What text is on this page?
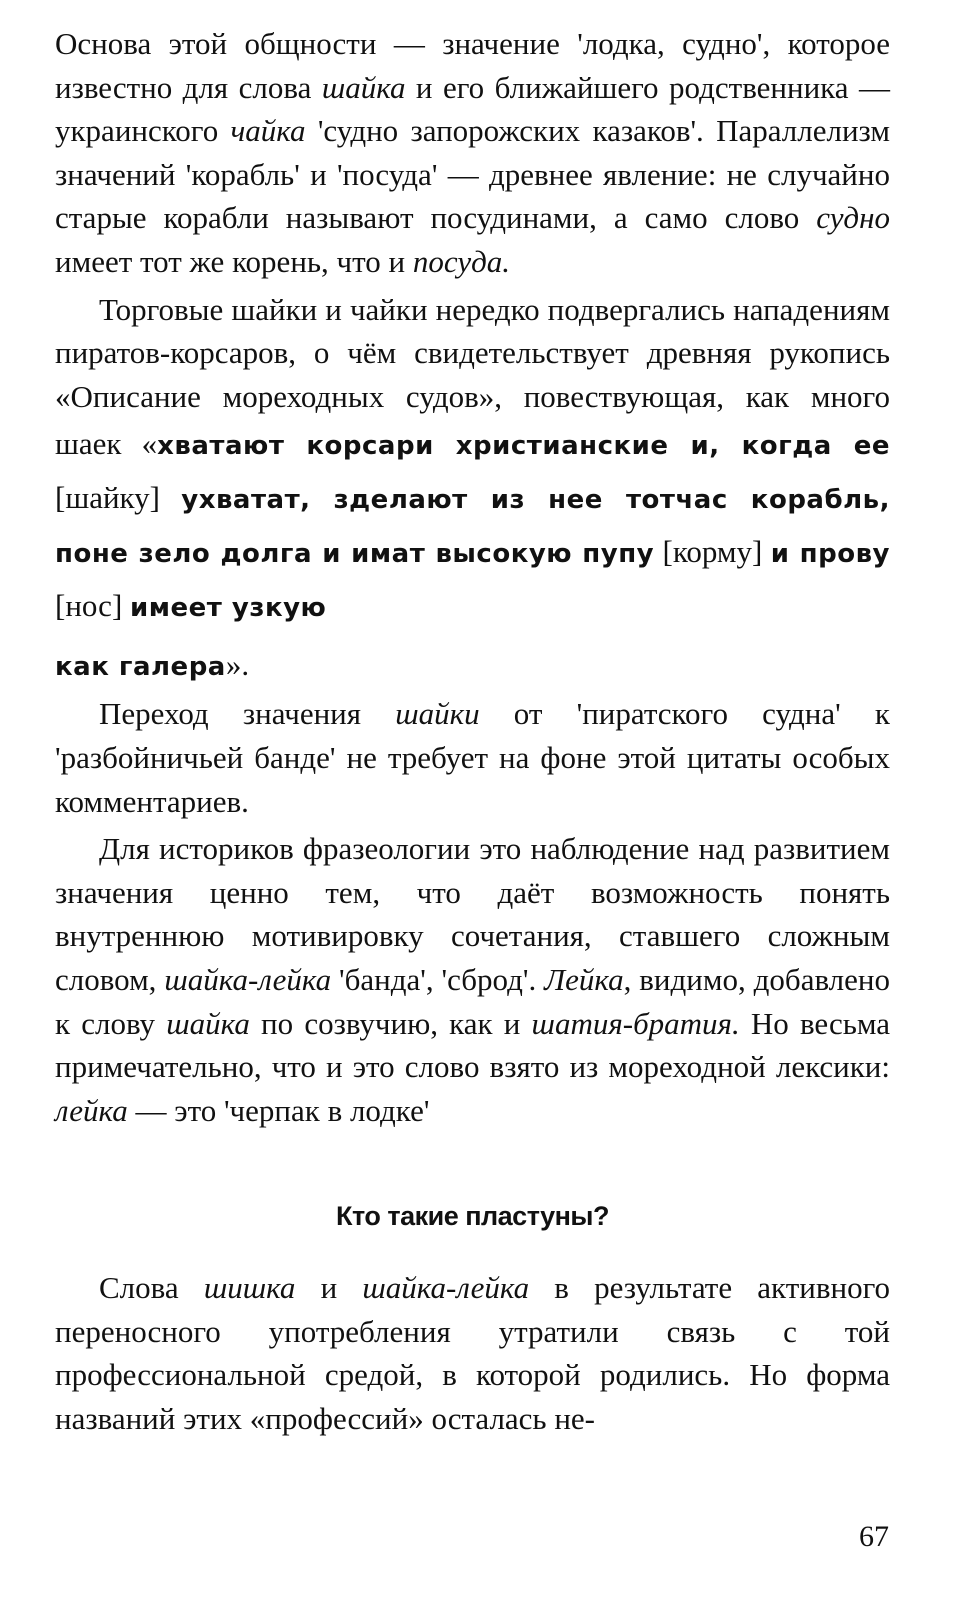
Основа этой общности — значение 'лодка, судно', которое известно для слова шайка и его ближайшего родственника — украинского чайка 'судно запорожских казаков'. Параллелизм значений 'корабль' и 'посуда' — древнее явление: не случайно старые корабли называют посудинами, а само слово судно имеет тот же корень, что и посуда.

Торговые шайки и чайки нередко подвергались нападениям пиратов-корсаров, о чём свидетельствует древняя рукопись «Описание мореходных судов», повествующая, как много шаек «хватают корсари христианские и, когда ее [шайку] ухватат, зделают из нее тотчас корабль, поне зело долга и имат высокую пупу [корму] и прову [нос] имеет узкую

как галера».

Переход значения шайки от 'пиратского судна' к 'разбойничьей банде' не требует на фоне этой цитаты особых комментариев.

Для историков фразеологии это наблюдение над развитием значения ценно тем, что даёт возможность понять внутреннюю мотивировку сочетания, ставшего сложным словом, шайка-лейка 'банда', 'сброд'. Лейка, видимо, добавлено к слову шайка по созвучию, как и шатия-братия. Но весьма примечательно, что и это слово взято из мореходной лексики: лейка — это 'черпак в лодке'

Кто такие пластуны?

Слова шишка и шайка-лейка в результате активного переносного употребления утратили связь с той профессиональной средой, в которой родились. Но форма названий этих «профессий» осталась не-

67
